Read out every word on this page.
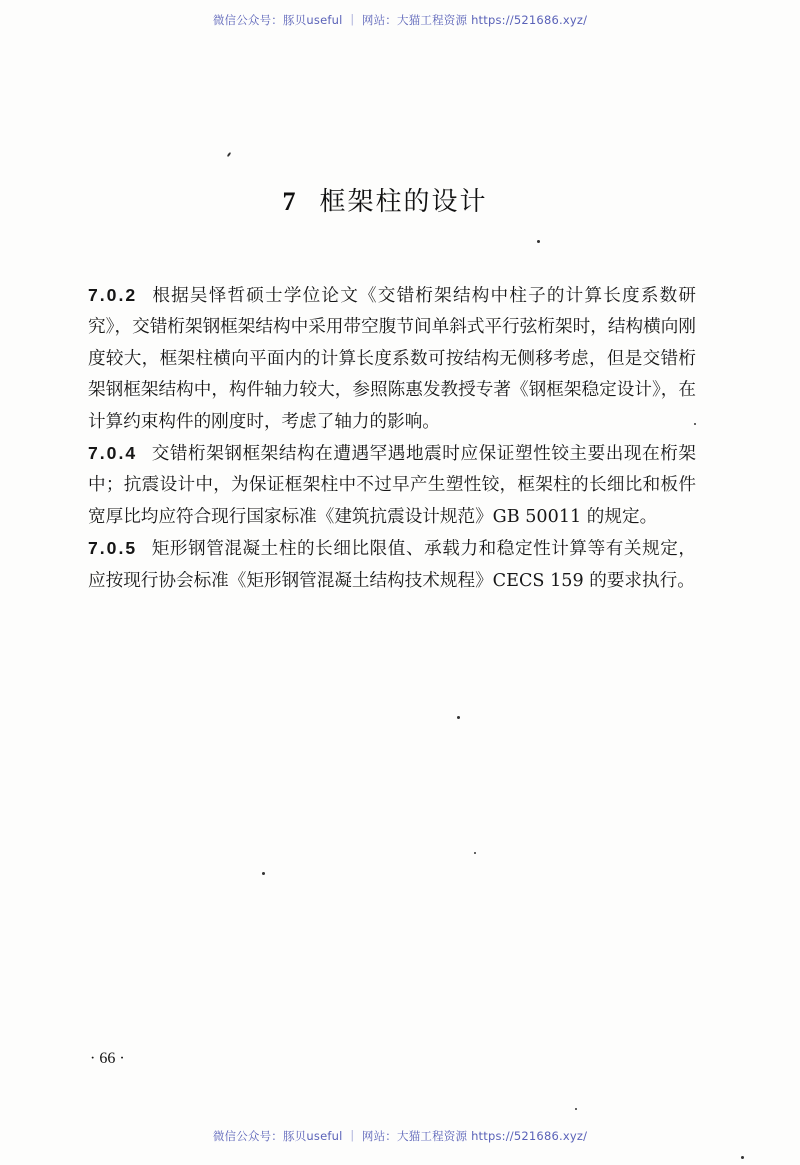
微信公众号：豚贝useful ｜ 网站：大猫工程资源 https://521686.xyz/
7 框架柱的设计

7.0.2 根据吴怿哲硕士学位论文《交错桁架结构中柱子的计算长度系数研究》，交错桁架钢框架结构中采用带空腹节间单斜式平行弦桁架时，结构横向刚度较大，框架柱横向平面内的计算长度系数可按结构无侧移考虑，但是交错桁架钢框架结构中，构件轴力较大，参照陈惠发教授专著《钢框架稳定设计》，在计算约束构件的刚度时，考虑了轴力的影响。

7.0.4 交错桁架钢框架结构在遭遇罕遇地震时应保证塑性铰主要出现在桁架中；抗震设计中，为保证框架柱中不过早产生塑性铰，框架柱的长细比和板件宽厚比均应符合现行国家标准《建筑抗震设计规范》GB 50011 的规定。

7.0.5 矩形钢管混凝土柱的长细比限值、承载力和稳定性计算等有关规定，应按现行协会标准《矩形钢管混凝土结构技术规程》CECS 159 的要求执行。

· 66 ·
微信公众号：豚贝useful ｜ 网站：大猫工程资源 https://521686.xyz/
